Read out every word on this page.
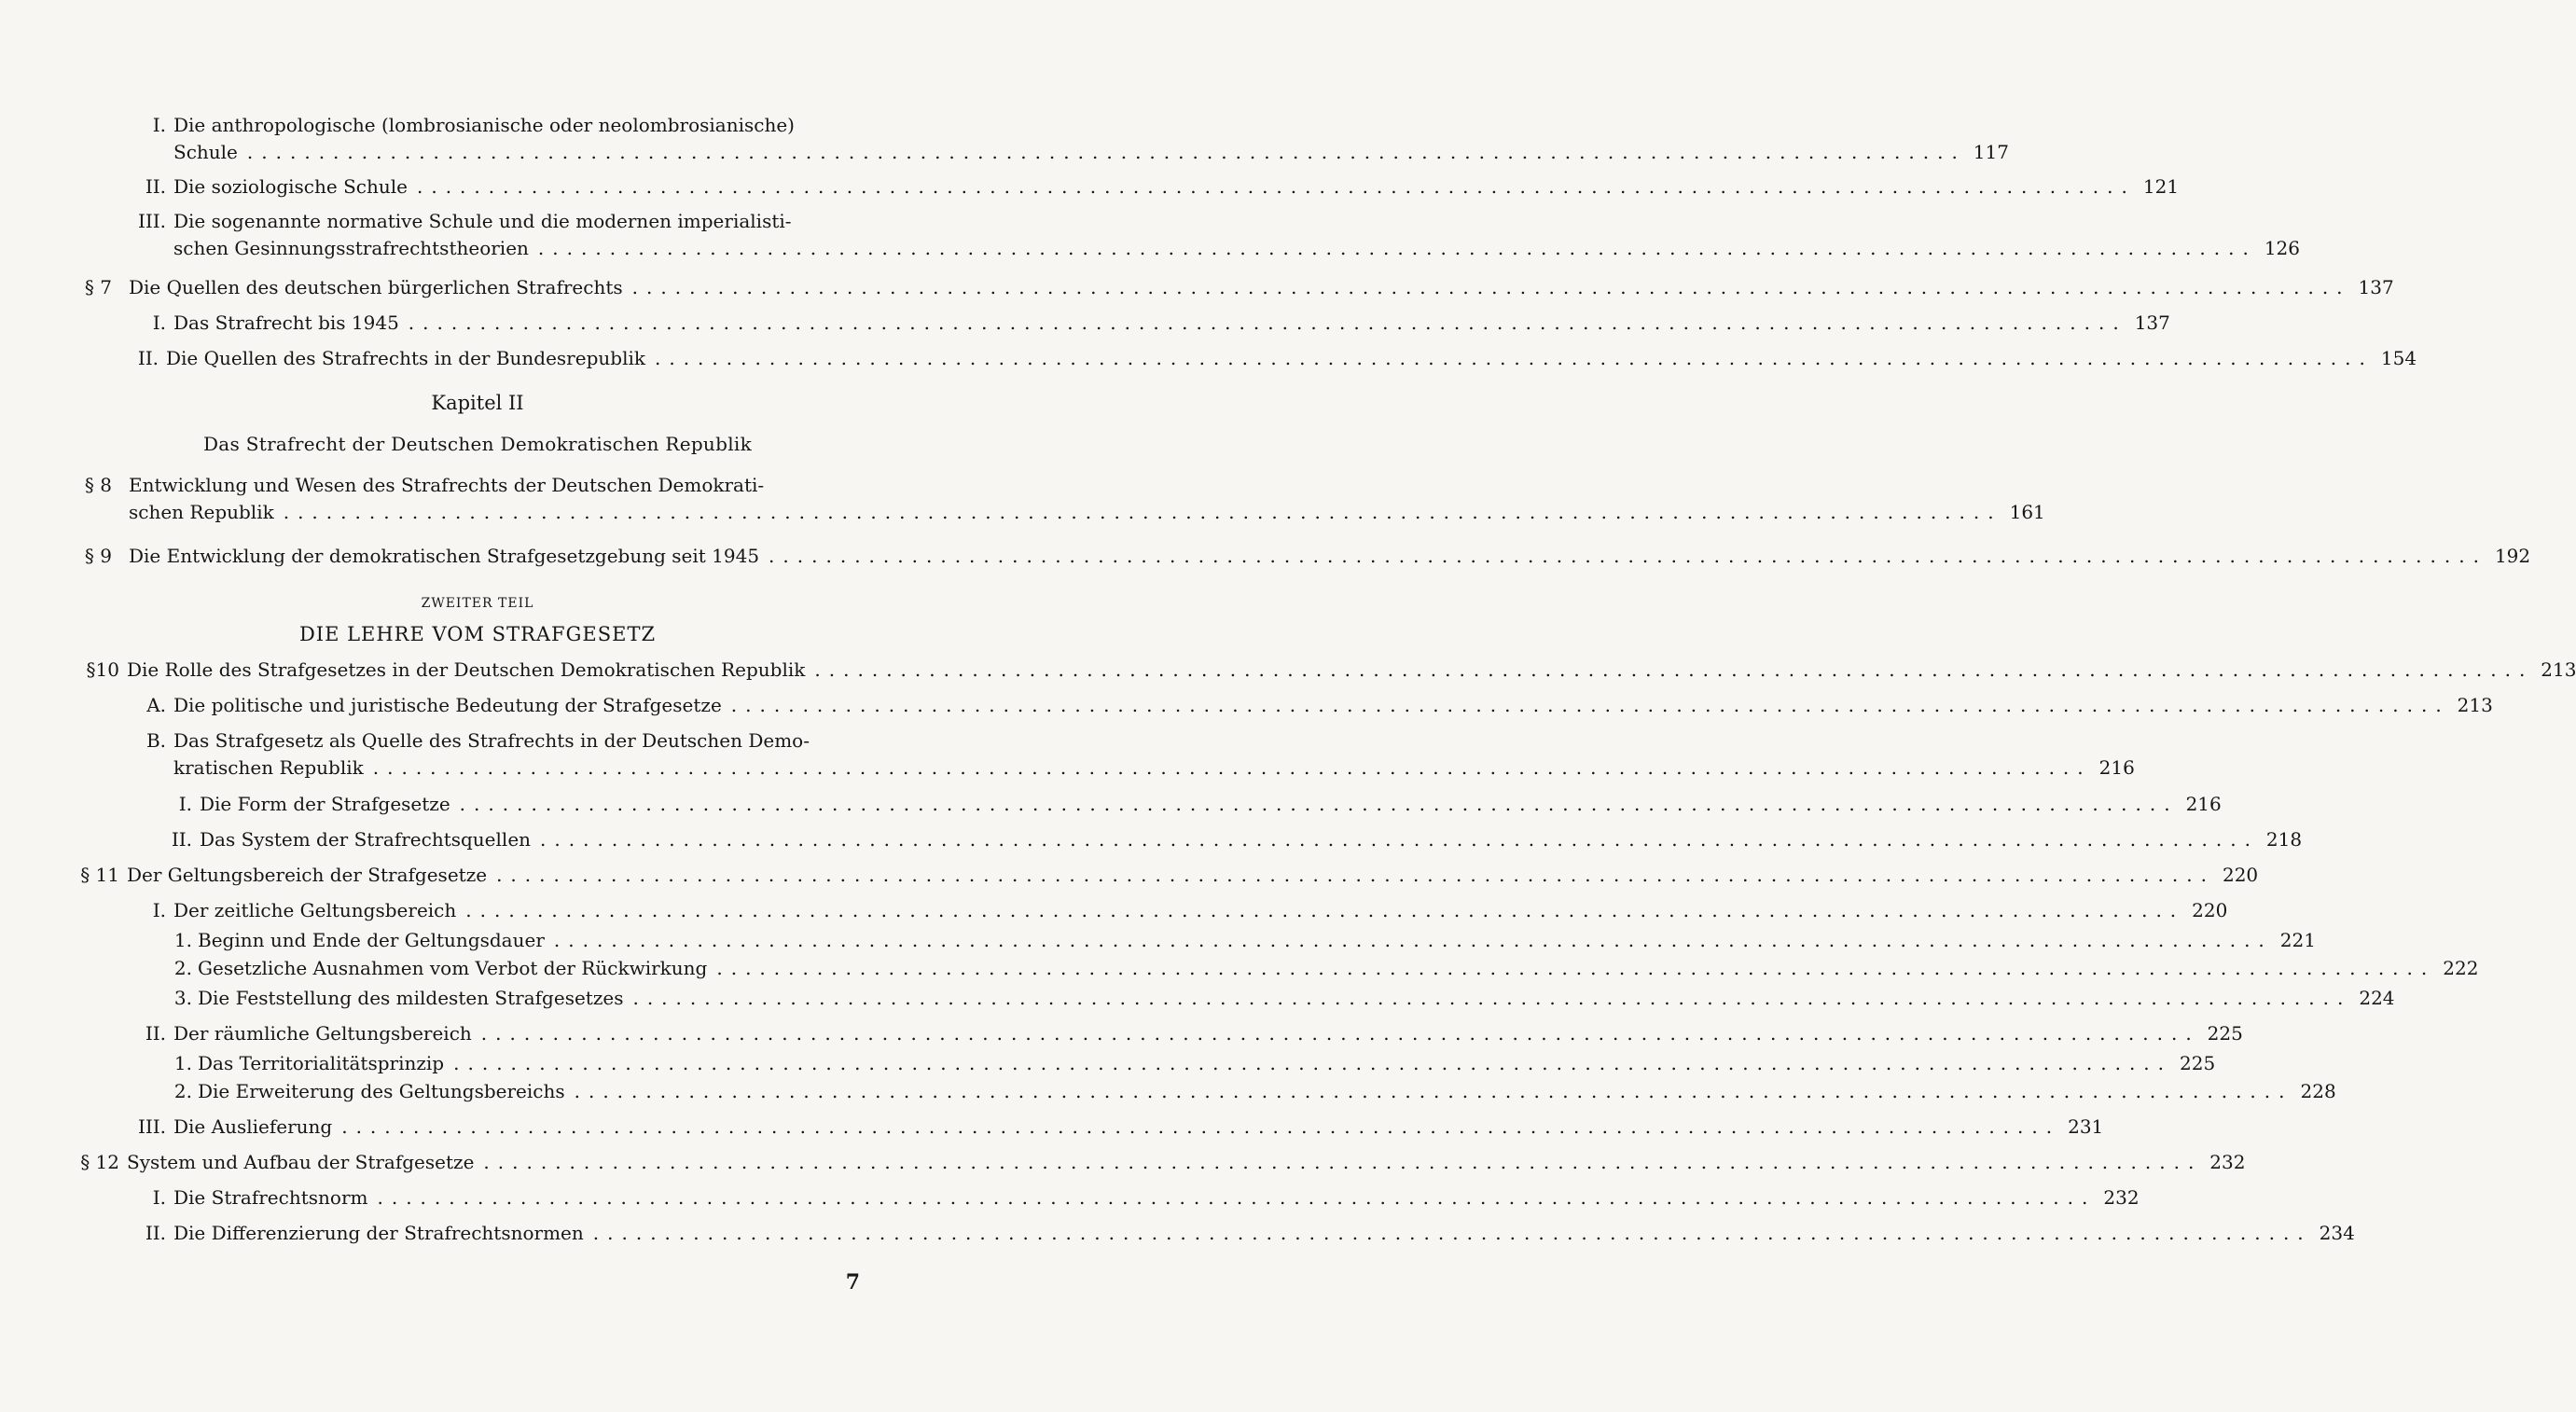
I. Die anthropologische (lombrosianische oder neolombrosianische)
Schule ........................................................................................................................ 117
II. Die soziologische Schule ........................................................................................................................ 121
III. Die sogenannte normative Schule und die modernen imperialisti-
schen Gesinnungsstrafrechtstheorien ........................................................................................................................ 126
§ 7 Die Quellen des deutschen bürgerlichen Strafrechts ........................................................................................................................ 137
I. Das Strafrecht bis 1945 ........................................................................................................................ 137
II. Die Quellen des Strafrechts in der Bundesrepublik ........................................................................................................................ 154
§ 8 Entwicklung und Wesen des Strafrechts der Deutschen Demokrati-
schen Republik ........................................................................................................................ 161
§ 9 Die Entwicklung der demokratischen Strafgesetzgebung seit 1945 ........................................................................................................................ 192
§10 Die Rolle des Strafgesetzes in der Deutschen Demokratischen Republik ........................................................................................................................ 213
A. Die politische und juristische Bedeutung der Strafgesetze ........................................................................................................................ 213
B. Das Strafgesetz als Quelle des Strafrechts in der Deutschen Demo-
kratischen Republik ........................................................................................................................ 216
I. Die Form der Strafgesetze ........................................................................................................................ 216
II. Das System der Strafrechtsquellen ........................................................................................................................ 218
§ 11 Der Geltungsbereich der Strafgesetze ........................................................................................................................ 220
I. Der zeitliche Geltungsbereich ........................................................................................................................ 220
1. Beginn und Ende der Geltungsdauer ........................................................................................................................ 221
2. Gesetzliche Ausnahmen vom Verbot der Rückwirkung ........................................................................................................................ 222
3. Die Feststellung des mildesten Strafgesetzes ........................................................................................................................ 224
II. Der räumliche Geltungsbereich ........................................................................................................................ 225
1. Das Territorialitätsprinzip ........................................................................................................................ 225
2. Die Erweiterung des Geltungsbereichs ........................................................................................................................ 228
III. Die Auslieferung ........................................................................................................................ 231
§ 12 System und Aufbau der Strafgesetze ........................................................................................................................ 232
I. Die Strafrechtsnorm ........................................................................................................................ 232
II. Die Differenzierung der Strafrechtsnormen ........................................................................................................................ 234
Kapitel II
Das Strafrecht der Deutschen Demokratischen Republik
ZWEITER TEIL
DIE LEHRE VOM STRAFGESETZ
7
